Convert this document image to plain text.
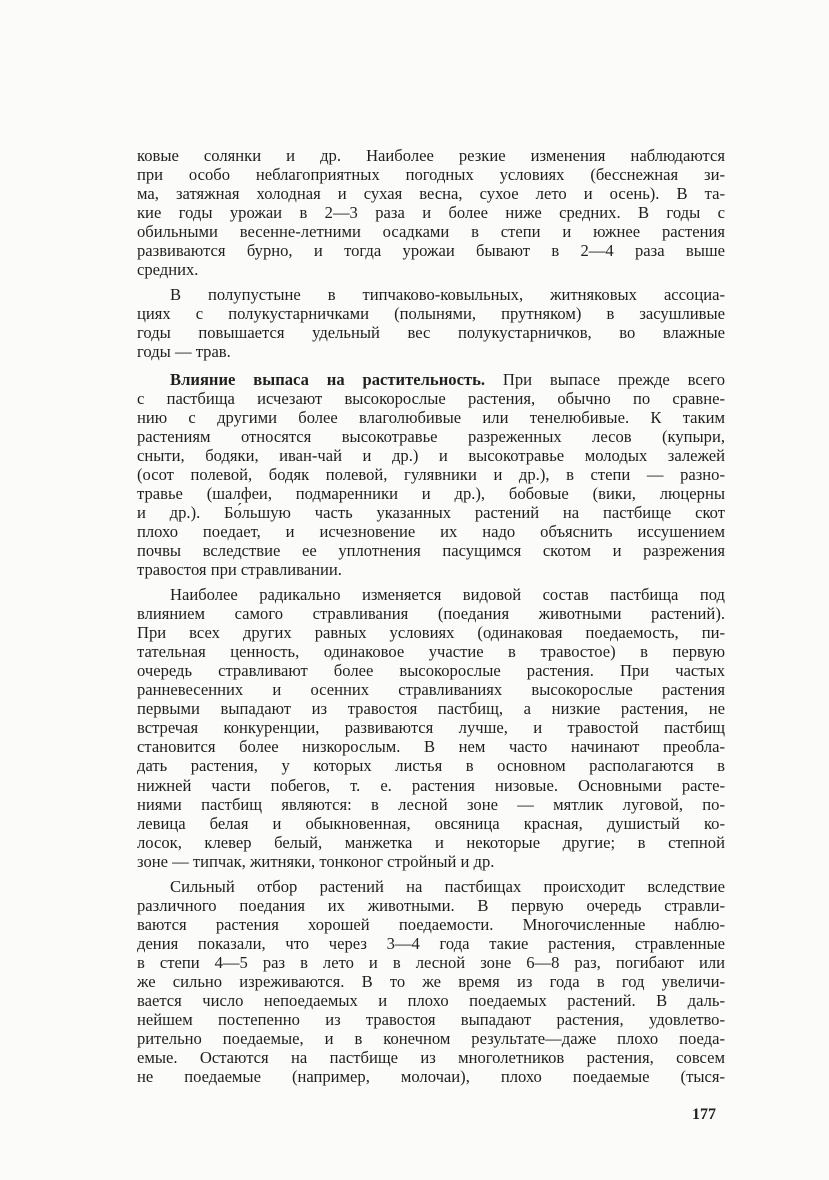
ковые солянки и др. Наиболее резкие изменения наблюдаются
при особо неблагоприятных погодных условиях (бесснежная зи-
ма, затяжная холодная и сухая весна, сухое лето и осень). В та-
кие годы урожаи в 2—3 раза и более ниже средних. В годы с
обильными весенне-летними осадками в степи и южнее растения
развиваются бурно, и тогда урожаи бывают в 2—4 раза выше
средних.
В полупустыне в типчаково-ковыльных, житняковых ассоциа-
циях с полукустарничками (полынями, прутняком) в засушливые
годы повышается удельный вес полукустарничков, во влажные
годы — трав.
Влияние выпаса на растительность. При выпасе прежде всего
с пастбища исчезают высокорослые растения, обычно по сравне-
нию с другими более влаголюбивые или тенелюбивые. К таким
растениям относятся высокотравье разреженных лесов (купыри,
сныти, бодяки, иван-чай и др.) и высокотравье молодых залежей
(осот полевой, бодяк полевой, гулявники и др.), в степи — разно-
травье (шалфеи, подмаренники и др.), бобовые (вики, люцерны
и др.). Бо́льшую часть указанных растений на пастбище скот
плохо поедает, и исчезновение их надо объяснить иссушением
почвы вследствие ее уплотнения пасущимся скотом и разрежения
травостоя при стравливании.
Наиболее радикально изменяется видовой состав пастбища под
влиянием самого стравливания (поедания животными растений).
При всех других равных условиях (одинаковая поедаемость, пи-
тательная ценность, одинаковое участие в травостое) в первую
очередь стравливают более высокорослые растения. При частых
ранневесенних и осенних стравливаниях высокорослые растения
первыми выпадают из травостоя пастбищ, а низкие растения, не
встречая конкуренции, развиваются лучше, и травостой пастбищ
становится более низкорослым. В нем часто начинают преобла-
дать растения, у которых листья в основном располагаются в
нижней части побегов, т. е. растения низовые. Основными расте-
ниями пастбищ являются: в лесной зоне — мятлик луговой, по-
левица белая и обыкновенная, овсяница красная, душистый ко-
лосок, клевер белый, манжетка и некоторые другие; в степной
зоне — типчак, житняки, тонконог стройный и др.
Сильный отбор растений на пастбищах происходит вследствие
различного поедания их животными. В первую очередь стравли-
ваются растения хорошей поедаемости. Многочисленные наблю-
дения показали, что через 3—4 года такие растения, стравленные
в степи 4—5 раз в лето и в лесной зоне 6—8 раз, погибают или
же сильно изреживаются. В то же время из года в год увеличи-
вается число непоедаемых и плохо поедаемых растений. В даль-
нейшем постепенно из травостоя выпадают растения, удовлетво-
рительно поедаемые, и в конечном результате—даже плохо поеда-
емые. Остаются на пастбище из многолетников растения, совсем
не поедаемые (например, молочаи), плохо поедаемые (тыся-
177
